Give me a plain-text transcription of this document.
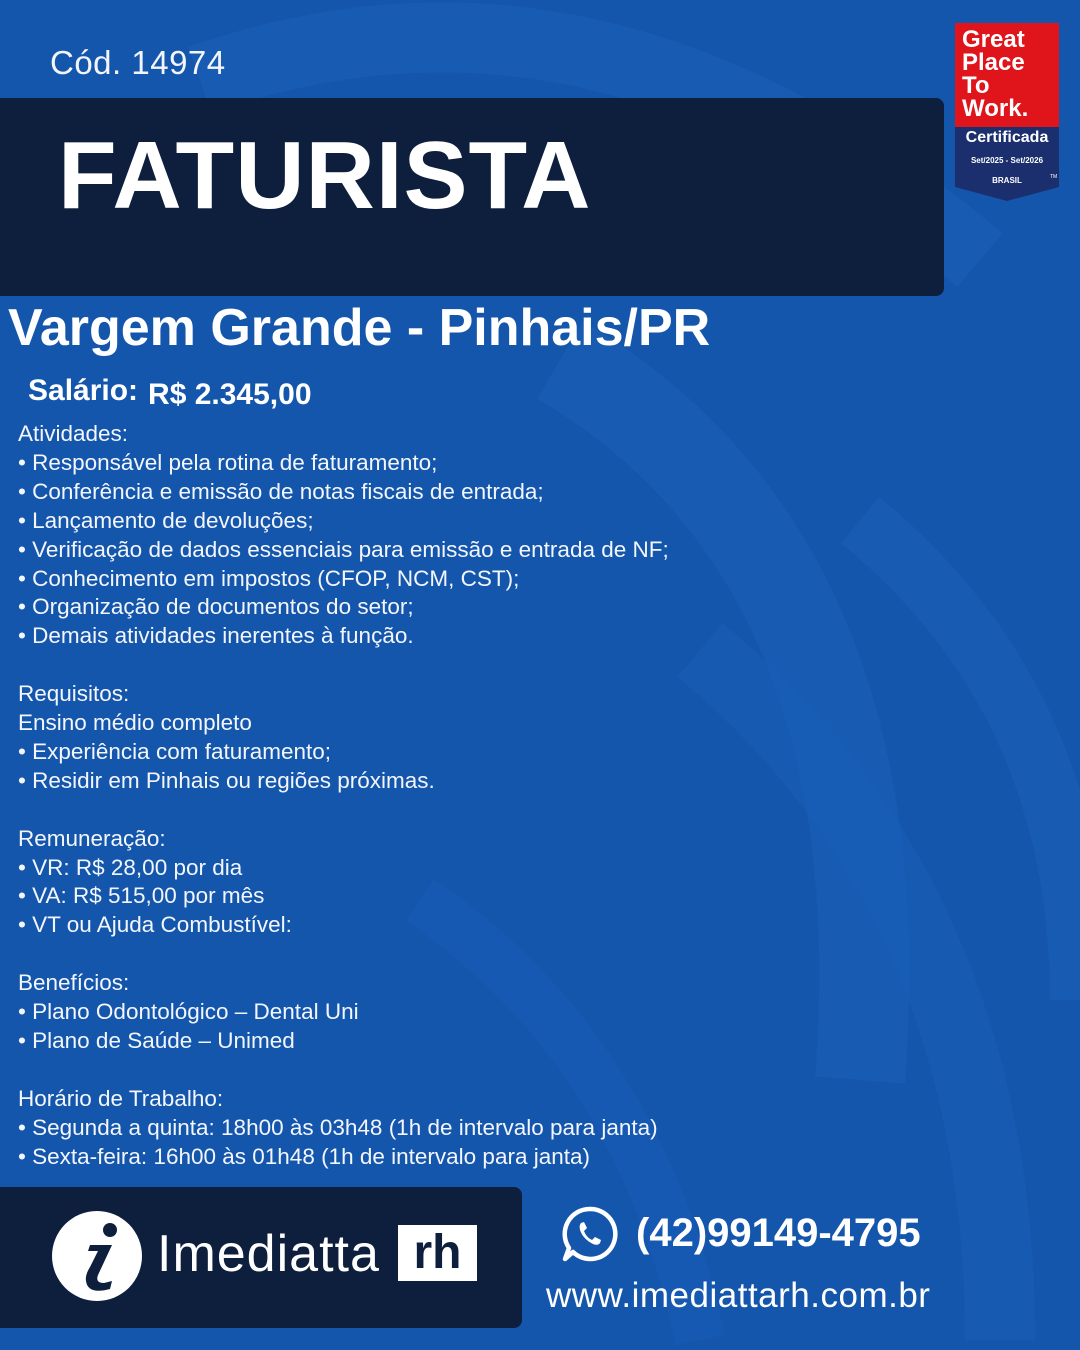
Cód. 14974
FATURISTA
Vargem Grande - Pinhais/PR
Salário: R$ 2.345,00
Atividades:
• Responsável pela rotina de faturamento;
• Conferência e emissão de notas fiscais de entrada;
• Lançamento de devoluções;
• Verificação de dados essenciais para emissão e entrada de NF;
• Conhecimento em impostos (CFOP, NCM, CST);
• Organização de documentos do setor;
• Demais atividades inerentes à função.
Requisitos:
Ensino médio completo
• Experiência com faturamento;
• Residir em Pinhais ou regiões próximas.
Remuneração:
• VR: R$ 28,00 por dia
• VA: R$ 515,00 por mês
• VT ou Ajuda Combustível:
Benefícios:
• Plano Odontológico – Dental Uni
• Plano de Saúde – Unimed
Horário de Trabalho:
• Segunda a quinta: 18h00 às 03h48 (1h de intervalo para janta)
• Sexta-feira: 16h00 às 01h48 (1h de intervalo para janta)
Great
Place
To
Work.
Certificada
Set/2025 - Set/2026
BRASIL	TM
Imediatta rh	(42)99149-4795
www.imediattarh.com.br
